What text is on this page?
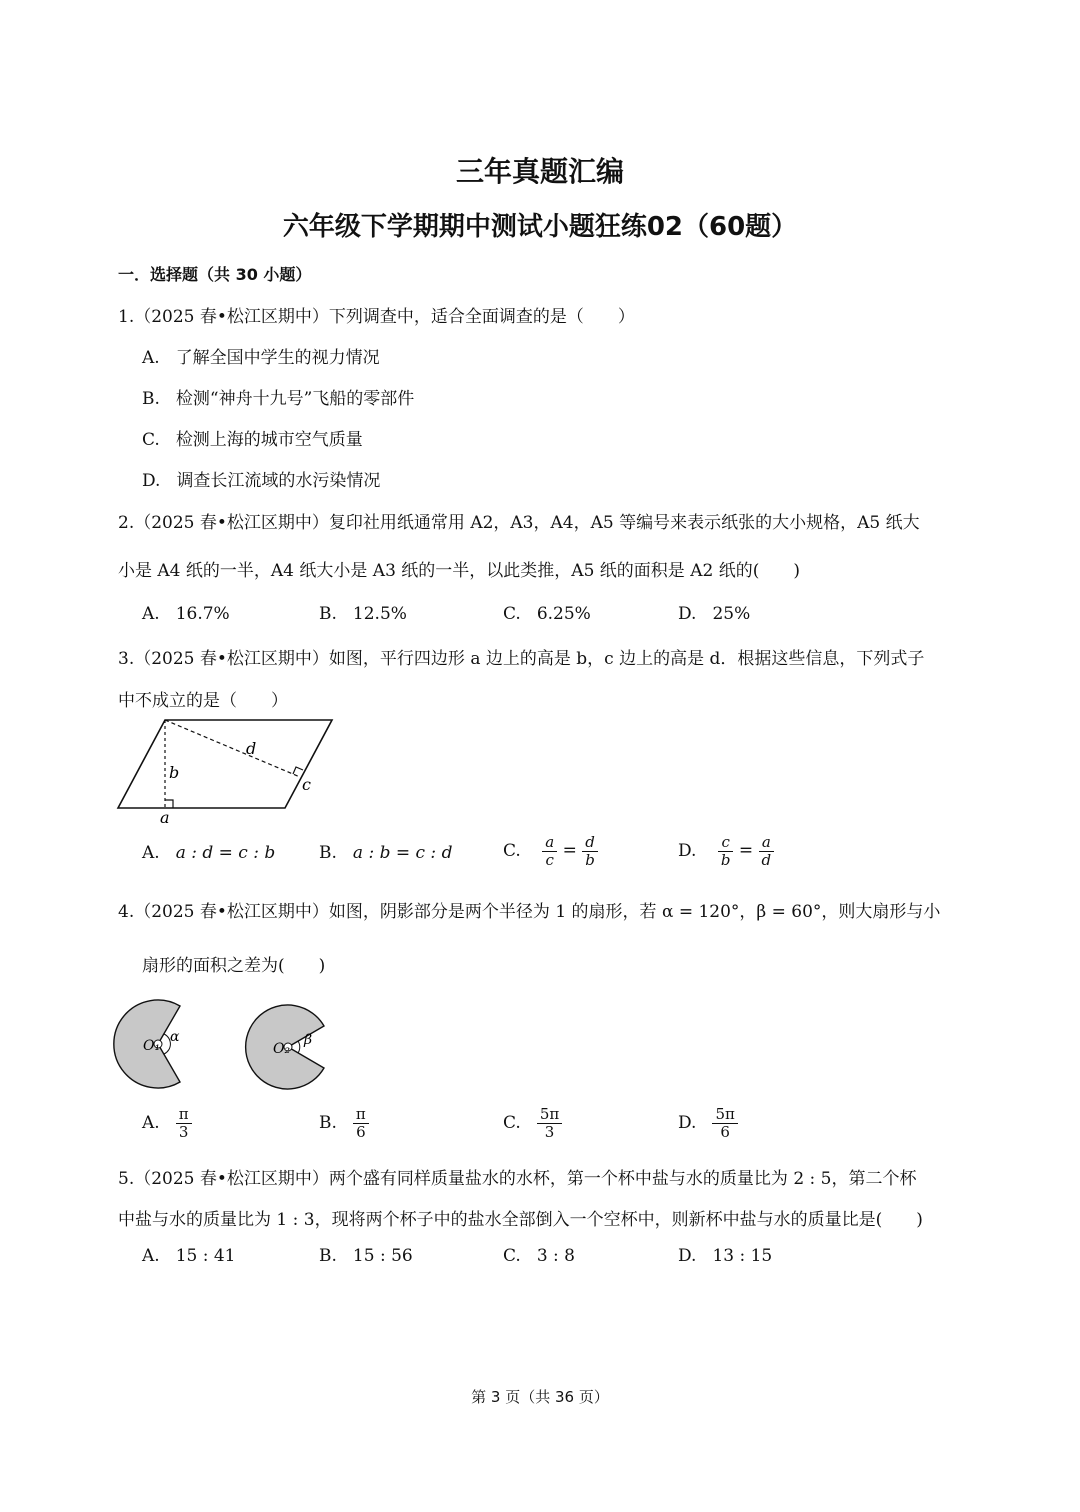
三年真题汇编
六年级下学期期中测试小题狂练02（60题）
一．选择题（共 30 小题）
1.（2025 春•松江区期中）下列调查中，适合全面调查的是（　　）
A. 了解全国中学生的视力情况
B. 检测“神舟十九号”飞船的零部件
C. 检测上海的城市空气质量
D. 调查长江流域的水污染情况
2.（2025 春•松江区期中）复印社用纸通常用 A2，A3，A4，A5 等编号来表示纸张的大小规格，A5 纸大
小是 A4 纸的一半，A4 纸大小是 A3 纸的一半，以此类推，A5 纸的面积是 A2 纸的(　　)
A. 16.7%	B. 12.5%	C. 6.25%	D. 25%
3.（2025 春•松江区期中）如图，平行四边形 a 边上的高是 b，c 边上的高是 d．根据这些信息，下列式子
中不成立的是（　　）
d
b
c
a
A. a : d = c : b	B. a : b = c : d	C. $\frac{a}{c} = \frac{d}{b}$	D. $\frac{c}{b} = \frac{a}{d}$
4.（2025 春•松江区期中）如图，阴影部分是两个半径为 1 的扇形，若 α = 120°，β = 60°，则大扇形与小
扇形的面积之差为(　　)
O₁
α
O₂
β
A. $\frac{\pi}{3}$	B. $\frac{\pi}{6}$	C. $\frac{5\pi}{3}$	D. $\frac{5\pi}{6}$
5.（2025 春•松江区期中）两个盛有同样质量盐水的水杯，第一个杯中盐与水的质量比为 2 : 5，第二个杯
中盐与水的质量比为 1 : 3，现将两个杯子中的盐水全部倒入一个空杯中，则新杯中盐与水的质量比是(　　)
A. 15 : 41	B. 15 : 56	C. 3 : 8	D. 13 : 15
第 3 页（共 36 页）
